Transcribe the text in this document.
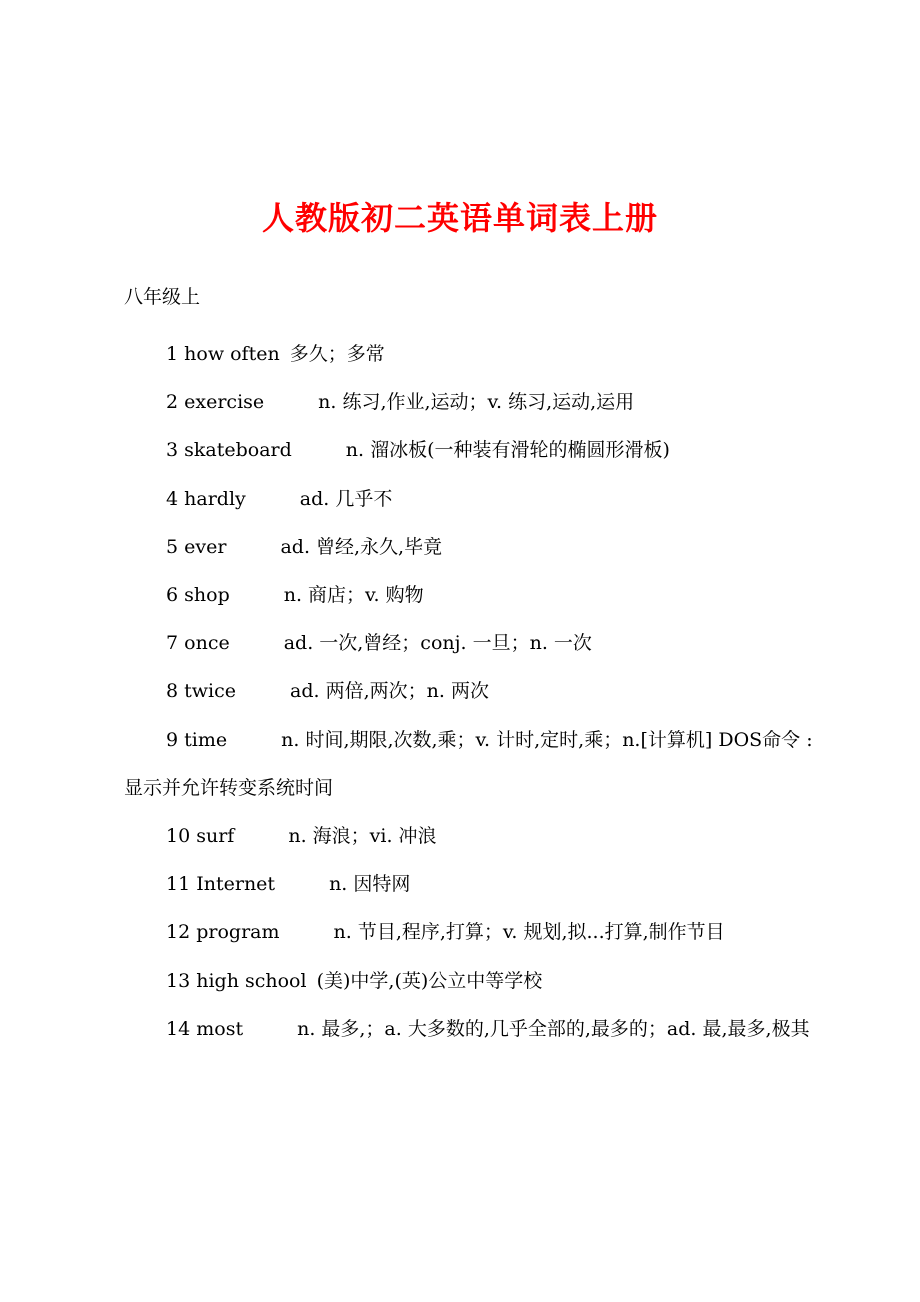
人教版初二英语单词表上册
八年级上
1 how often 多久；多常
2 exercise	n. 练习,作业,运动；v. 练习,运动,运用
3 skateboard	n. 溜冰板(一种装有滑轮的椭圆形滑板)
4 hardly	ad. 几乎不
5 ever	ad. 曾经,永久,毕竟
6 shop	n. 商店；v. 购物
7 once	ad. 一次,曾经；conj. 一旦；n. 一次
8 twice	ad. 两倍,两次；n. 两次
9 time	n. 时间,期限,次数,乘；v. 计时,定时,乘；n.[计算机] DOS命令 : 显示并允许转变系统时间
10 surf	n. 海浪；vi. 冲浪
11 Internet	n. 因特网
12 program	n. 节目,程序,打算；v. 规划,拟...打算,制作节目
13 high school (美)中学,(英)公立中等学校
14 most	n. 最多,；a. 大多数的,几乎全部的,最多的；ad. 最,最多,极其
